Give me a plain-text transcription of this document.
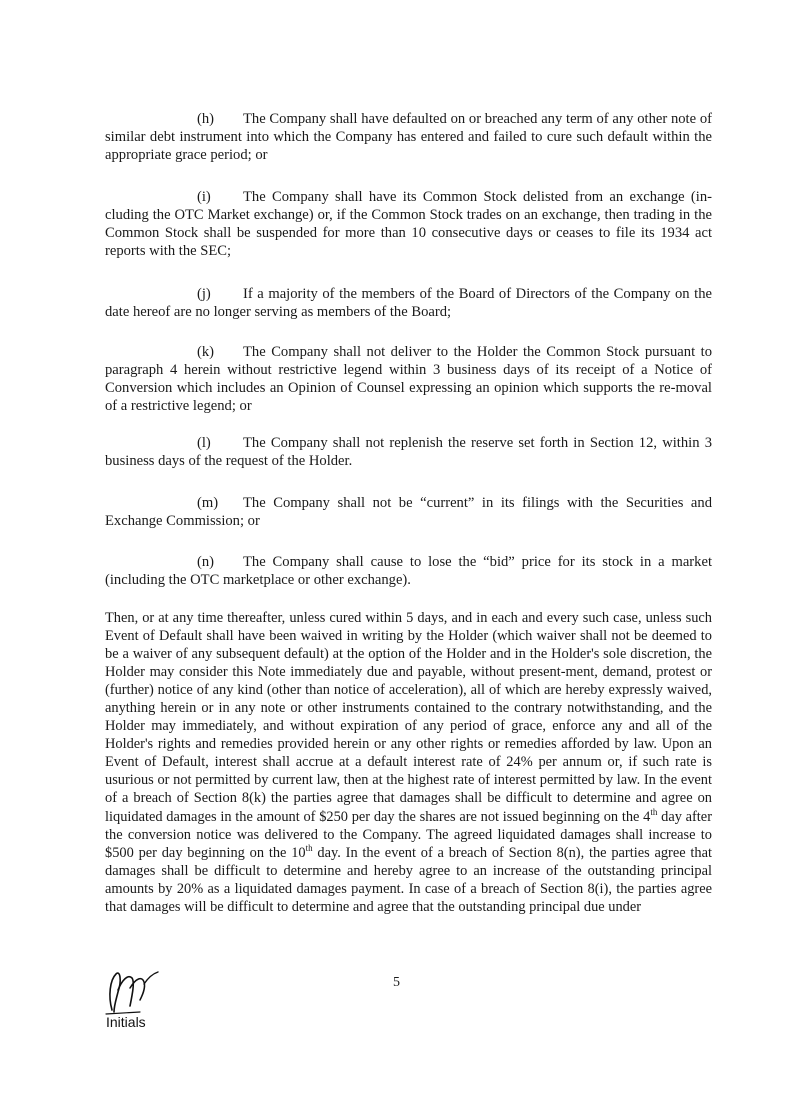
(h) The Company shall have defaulted on or breached any term of any other note of similar debt instrument into which the Company has entered and failed to cure such default within the appropriate grace period; or
(i) The Company shall have its Common Stock delisted from an exchange (in-cluding the OTC Market exchange) or, if the Common Stock trades on an exchange, then trading in the Common Stock shall be suspended for more than 10 consecutive days or ceases to file its 1934 act reports with the SEC;
(j) If a majority of the members of the Board of Directors of the Company on the date hereof are no longer serving as members of the Board;
(k) The Company shall not deliver to the Holder the Common Stock pursuant to paragraph 4 herein without restrictive legend within 3 business days of its receipt of a Notice of Conversion which includes an Opinion of Counsel expressing an opinion which supports the re-moval of a restrictive legend; or
(l) The Company shall not replenish the reserve set forth in Section 12, within 3 business days of the request of the Holder.
(m) The Company shall not be “current” in its filings with the Securities and Exchange Commission; or
(n) The Company shall cause to lose the “bid” price for its stock in a market (including the OTC marketplace or other exchange).
Then, or at any time thereafter, unless cured within 5 days, and in each and every such case, unless such Event of Default shall have been waived in writing by the Holder (which waiver shall not be deemed to be a waiver of any subsequent default) at the option of the Holder and in the Holder's sole discretion, the Holder may consider this Note immediately due and payable, without present-ment, demand, protest or (further) notice of any kind (other than notice of acceleration), all of which are hereby expressly waived, anything herein or in any note or other instruments contained to the contrary notwithstanding, and the Holder may immediately, and without expiration of any period of grace, enforce any and all of the Holder's rights and remedies provided herein or any other rights or remedies afforded by law. Upon an Event of Default, interest shall accrue at a default interest rate of 24% per annum or, if such rate is usurious or not permitted by current law, then at the highest rate of interest permitted by law. In the event of a breach of Section 8(k) the parties agree that damages shall be difficult to determine and agree on liquidated damages in the amount of $250 per day the shares are not issued beginning on the 4th day after the conversion notice was delivered to the Company. The agreed liquidated damages shall increase to $500 per day beginning on the 10th day. In the event of a breach of Section 8(n), the parties agree that damages shall be difficult to determine and hereby agree to an increase of the outstanding principal amounts by 20% as a liquidated damages payment. In case of a breach of Section 8(i), the parties agree that damages will be difficult to determine and agree that the outstanding principal due under
5
Initials
